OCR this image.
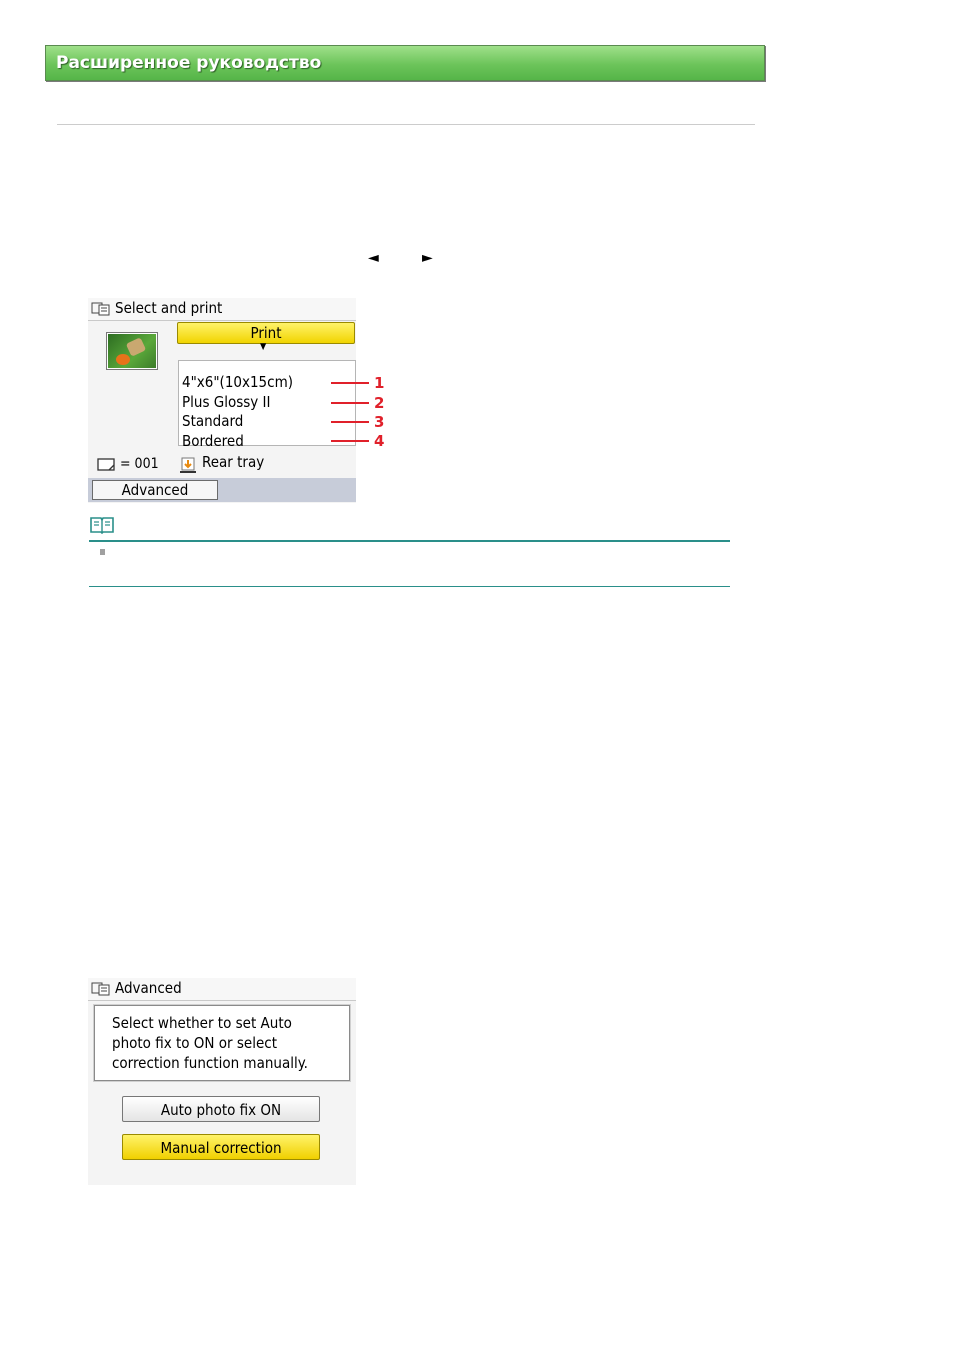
Расширенное руководство
◄	►
Select and print
Print
▼
4"x6"(10x15cm)
Plus Glossy II
Standard
Bordered
= 001	Rear tray
Advanced
1
2
3
4
Advanced
Select whether to set Auto
photo fix to ON or select
correction function manually.
Auto photo fix ON
Manual correction
